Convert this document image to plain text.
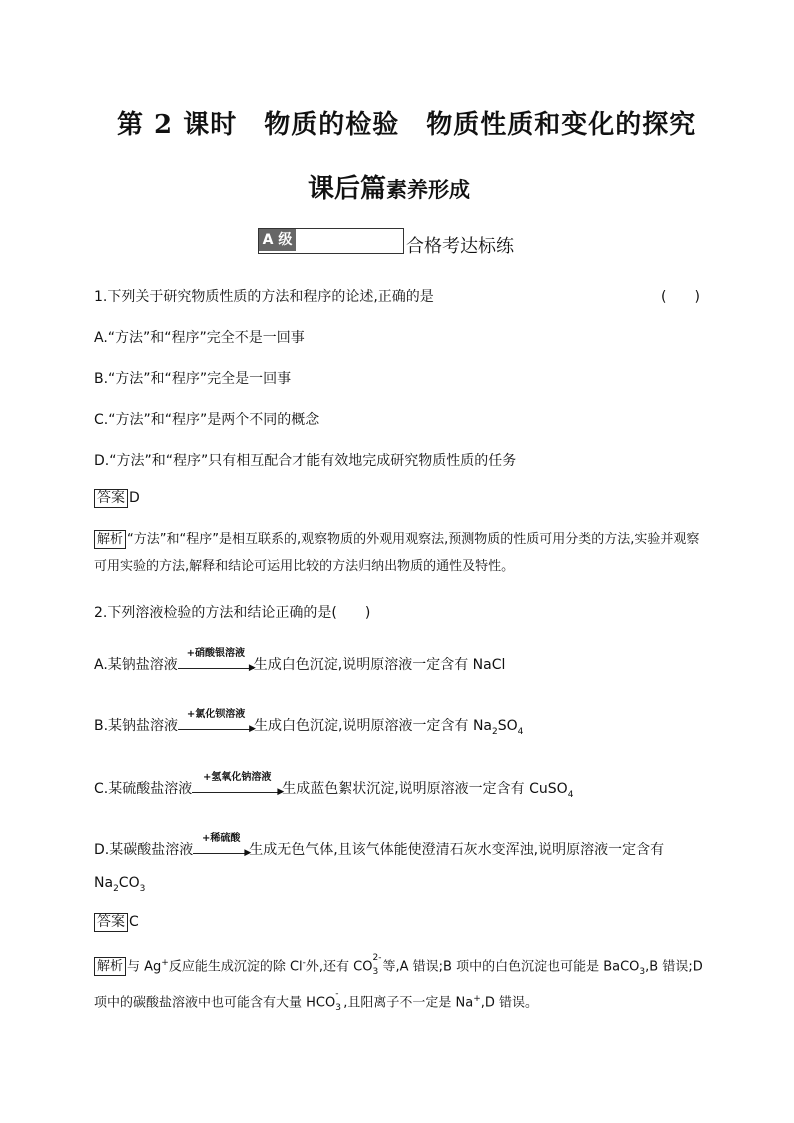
第 2 课时　物质的检验　物质性质和变化的探究
课后篇素养形成
A 级	合格考达标练
1.下列关于研究物质性质的方法和程序的论述,正确的是	(　　)
A.“方法”和“程序”完全不是一回事
B.“方法”和“程序”完全是一回事
C.“方法”和“程序”是两个不同的概念
D.“方法”和“程序”只有相互配合才能有效地完成研究物质性质的任务
答案 D
解析 “方法”和“程序”是相互联系的,观察物质的外观用观察法,预测物质的性质可用分类的方法,实验并观察可用实验的方法,解释和结论可运用比较的方法归纳出物质的通性及特性。
2.下列溶液检验的方法和结论正确的是(　　)
A.某钠盐溶液
+硝酸银溶液
▶
生成白色沉淀,说明原溶液一定含有 NaCl
B.某钠盐溶液
+氯化钡溶液
▶
生成白色沉淀,说明原溶液一定含有 $Na_2SO_4$
C.某硫酸盐溶液
+氢氧化钠溶液
▶
生成蓝色絮状沉淀,说明原溶液一定含有 CuSO$_4$
D.某碳酸盐溶液
+稀硫酸
▶
生成无色气体,且该气体能使澄清石灰水变浑浊,说明原溶液一定含有
$Na_2CO_3$
答案 C
解析 与 Ag+反应能生成沉淀的除 Cl-外,还有 CO
2-
3 等,A 错误;B 项中的白色沉淀也可能是 BaCO$_3$,B 错误;D 项中的碳酸盐溶液中也可能含有大量 HCO
-
3 ,且阳离子不一定是 Na+,D 错误。
